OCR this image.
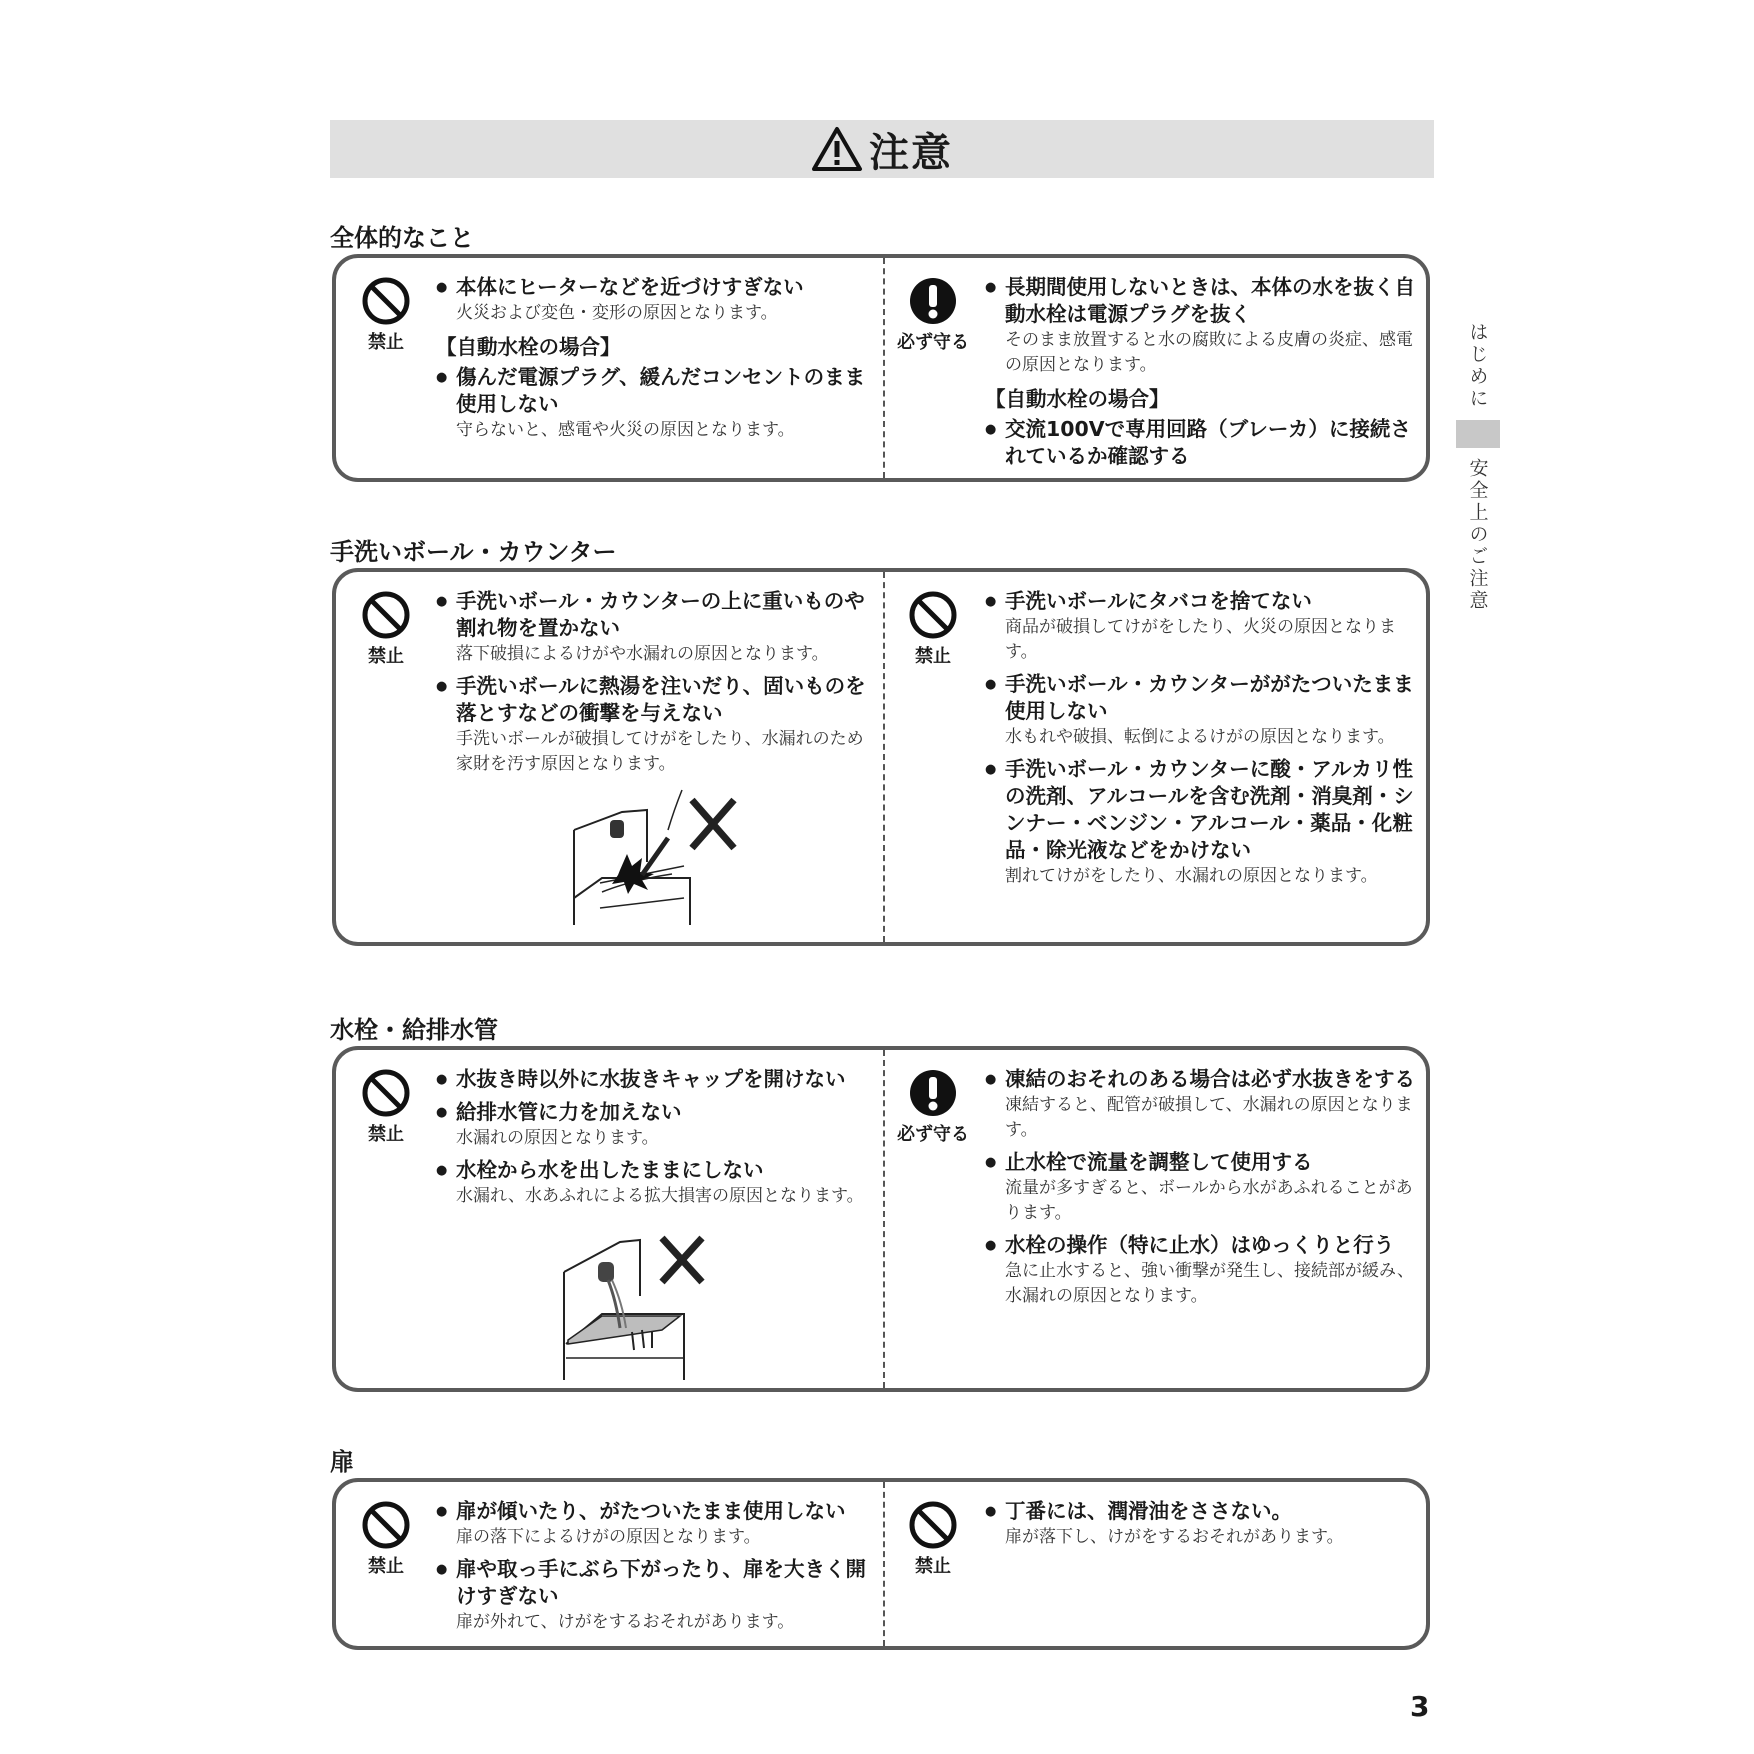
注意
全体的なこと
禁止
● 本体にヒーターなどを近づけすぎない
火災および変色・変形の原因となります。
【自動水栓の場合】
● 傷んだ電源プラグ、緩んだコンセントのまま使用しない
守らないと、感電や火災の原因となります。
必ず守る
● 長期間使用しないときは、本体の水を抜く自動水栓は電源プラグを抜く
そのまま放置すると水の腐敗による皮膚の炎症、感電の原因となります。
【自動水栓の場合】
● 交流100Vで専用回路（ブレーカ）に接続されているか確認する
手洗いボール・カウンター
禁止
● 手洗いボール・カウンターの上に重いものや割れ物を置かない
落下破損によるけがや水漏れの原因となります。
● 手洗いボールに熱湯を注いだり、固いものを落とすなどの衝撃を与えない
手洗いボールが破損してけがをしたり、水漏れのため家財を汚す原因となります。
禁止
● 手洗いボールにタバコを捨てない
商品が破損してけがをしたり、火災の原因となります。
● 手洗いボール・カウンターががたついたまま使用しない
水もれや破損、転倒によるけがの原因となります。
● 手洗いボール・カウンターに酸・アルカリ性の洗剤、アルコールを含む洗剤・消臭剤・シンナー・ベンジン・アルコール・薬品・化粧品・除光液などをかけない
割れてけがをしたり、水漏れの原因となります。
水栓・給排水管
禁止
● 水抜き時以外に水抜きキャップを開けない
● 給排水管に力を加えない
水漏れの原因となります。
● 水栓から水を出したままにしない
水漏れ、水あふれによる拡大損害の原因となります。
必ず守る
● 凍結のおそれのある場合は必ず水抜きをする
凍結すると、配管が破損して、水漏れの原因となります。
● 止水栓で流量を調整して使用する
流量が多すぎると、ボールから水があふれることがあります。
● 水栓の操作（特に止水）はゆっくりと行う
急に止水すると、強い衝撃が発生し、接続部が緩み、水漏れの原因となります。
扉
禁止
● 扉が傾いたり、がたついたまま使用しない
扉の落下によるけがの原因となります。
● 扉や取っ手にぶら下がったり、扉を大きく開けすぎない
扉が外れて、けがをするおそれがあります。
禁止
● 丁番には、潤滑油をささない。
扉が落下し、けがをするおそれがあります。
はじめに
安全上のご注意
3
